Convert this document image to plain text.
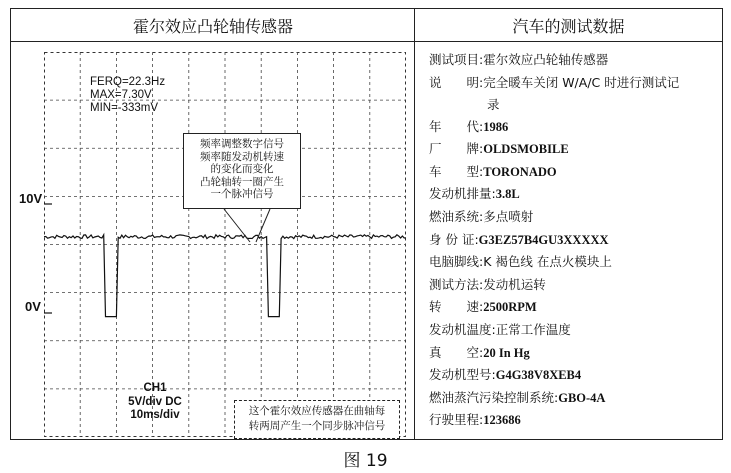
霍尔效应凸轮轴传感器	汽车的测试数据
10V
0V
FERQ=22.3Hz
MAX=7.30V
MIN=-333mV
频率调整数字信号
频率随发动机转速
的变化而变化
凸轮轴转一圈产生
一个脉冲信号
CH1
5V/div DC
10ms/div	这个霍尔效应传感器在曲轴每
转两周产生一个同步脉冲信号
测试项目:霍尔效应凸轮轴传感器
说　　明:完全暖车关闭 W/A/C 时进行测试记
录
年　　代:1986
厂　　牌:OLDSMOBILE
车　　型:TORONADO
发动机排量:3.8L
燃油系统:多点喷射
身 份 证:G3EZ57B4GU3XXXXX
电脑脚线:K 褐色线 在点火模块上
测试方法:发动机运转
转　　速:2500RPM
发动机温度:正常工作温度
真　　空:20 In Hg
发动机型号:G4G38V8XEB4
燃油蒸汽污染控制系统:GBO-4A
行驶里程:123686
图 19
